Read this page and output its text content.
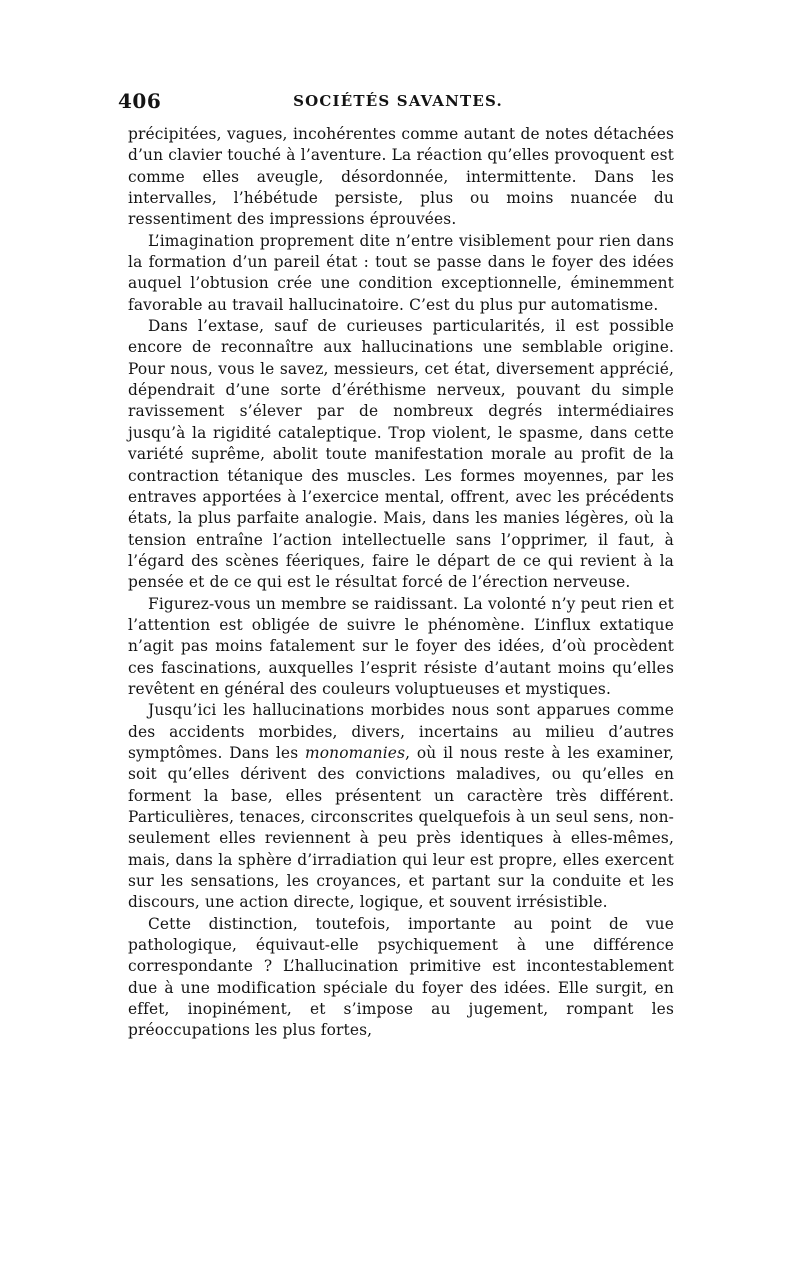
406	SOCIÉTÉS SAVANTES.

précipitées, vagues, incohérentes comme autant de notes détachées d’un clavier touché à l’aventure. La réaction qu’elles provoquent est comme elles aveugle, désordonnée, intermittente. Dans les intervalles, l’hébétude persiste, plus ou moins nuancée du ressentiment des impressions éprouvées.

L’imagination proprement dite n’entre visiblement pour rien dans la formation d’un pareil état : tout se passe dans le foyer des idées auquel l’obtusion crée une condition exceptionnelle, éminemment favorable au travail hallucinatoire. C’est du plus pur automatisme.

Dans l’extase, sauf de curieuses particularités, il est possible encore de reconnaître aux hallucinations une semblable origine. Pour nous, vous le savez, messieurs, cet état, diversement apprécié, dépendrait d’une sorte d’éréthisme nerveux, pouvant du simple ravissement s’élever par de nombreux degrés intermédiaires jusqu’à la rigidité cataleptique. Trop violent, le spasme, dans cette variété suprême, abolit toute manifestation morale au profit de la contraction tétanique des muscles. Les formes moyennes, par les entraves apportées à l’exercice mental, offrent, avec les précédents états, la plus parfaite analogie. Mais, dans les manies légères, où la tension entraîne l’action intellectuelle sans l’opprimer, il faut, à l’égard des scènes féeriques, faire le départ de ce qui revient à la pensée et de ce qui est le résultat forcé de l’érection nerveuse.

Figurez-vous un membre se raidissant. La volonté n’y peut rien et l’attention est obligée de suivre le phénomène. L’influx extatique n’agit pas moins fatalement sur le foyer des idées, d’où procèdent ces fascinations, auxquelles l’esprit résiste d’autant moins qu’elles revêtent en général des couleurs voluptueuses et mystiques.

Jusqu’ici les hallucinations morbides nous sont apparues comme des accidents morbides, divers, incertains au milieu d’autres symptômes. Dans les monomanies, où il nous reste à les examiner, soit qu’elles dérivent des convictions maladives, ou qu’elles en forment la base, elles présentent un caractère très différent. Particulières, tenaces, circonscrites quelquefois à un seul sens, non-seulement elles reviennent à peu près identiques à elles-mêmes, mais, dans la sphère d’irradiation qui leur est propre, elles exercent sur les sensations, les croyances, et partant sur la conduite et les discours, une action directe, logique, et souvent irrésistible.

Cette distinction, toutefois, importante au point de vue pathologique, équivaut-elle psychiquement à une différence correspondante ? L’hallucination primitive est incontestablement due à une modification spéciale du foyer des idées. Elle surgit, en effet, inopinément, et s’impose au jugement, rompant les préoccupations les plus fortes,
